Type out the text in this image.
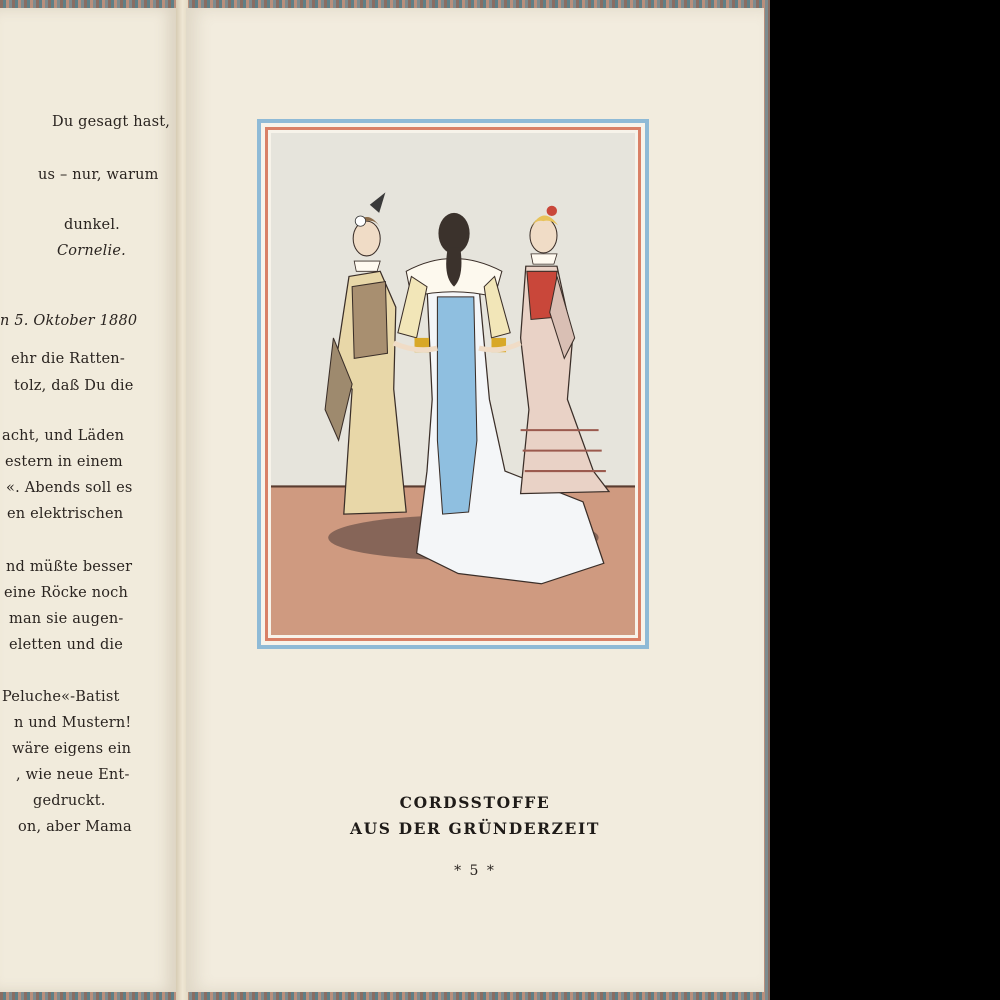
Du gesagt hast,
us – nur, warum
dunkel.
Cornelie.
n 5. Oktober 1880
ehr die Ratten-
tolz, daß Du die
acht, und Läden
estern in einem
«. Abends soll es
en elektrischen
nd müßte besser
eine Röcke noch
man sie augen-
eletten und die
Peluche«-Batist
n und Mustern!
wäre eigens ein
, wie neue Ent-
gedruckt.
on, aber Mama
CORDSSTOFFE
AUS DER GRÜNDERZEIT
* 5 *
